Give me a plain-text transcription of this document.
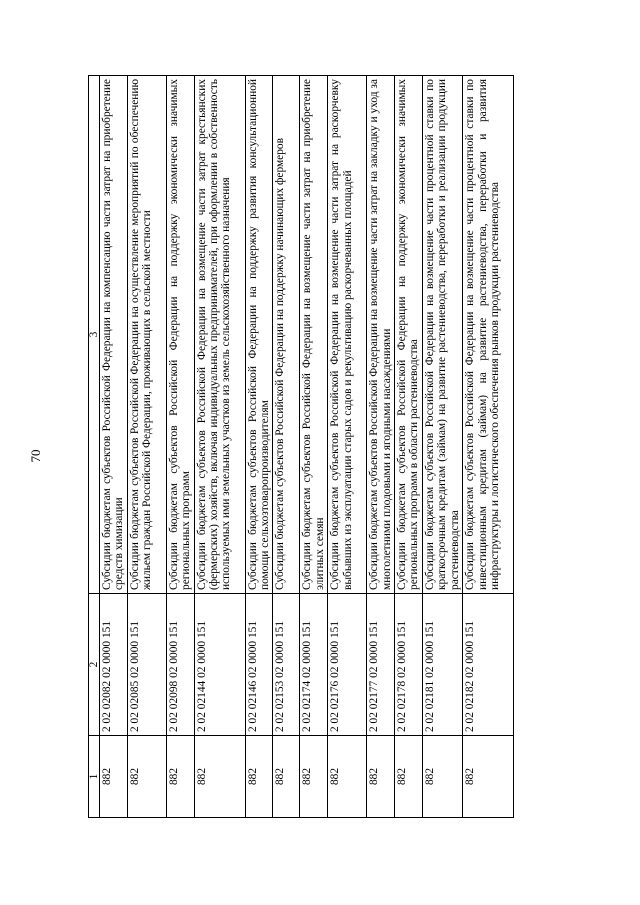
70
1	2	3
882	2 02 02082 02 0000 151	Субсидии бюджетам субъектов Российской Федерации на компенсацию части затрат на приобретение средств химизации
882	2 02 02085 02 0000 151	Субсидии бюджетам субъектов Российской Федерации на осуществление мероприятий по обеспечению жильем граждан Российской Федерации, проживающих в сельской местности
882	2 02 02098 02 0000 151	Субсидии бюджетам субъектов Российской Федерации на поддержку экономически значимых региональных программ
882	2 02 02144 02 0000 151	Субсидии бюджетам субъектов Российской Федерации на возмещение части затрат крестьянских (фермерских) хозяйств, включая индивидуальных предпринимателей, при оформлении в собственность используемых ими земельных участков из земель сельскохозяйственного назначения
882	2 02 02146 02 0000 151	Субсидии бюджетам субъектов Российской Федерации на поддержку развития консультационной помощи сельхозтоваропроизводителям
882	2 02 02153 02 0000 151	Субсидии бюджетам субъектов Российской Федерации на поддержку начинающих фермеров
882	2 02 02174 02 0000 151	Субсидии бюджетам субъектов Российской Федерации на возмещение части затрат на приобретение элитных семян
882	2 02 02176 02 0000 151	Субсидии бюджетам субъектов Российской Федерации на возмещение части затрат на раскорчевку выбывших из эксплуатации старых садов и рекультивацию раскорчеванных площадей
882	2 02 02177 02 0000 151	Субсидии бюджетам субъектов Российской Федерации на возмещение части затрат на закладку и уход за многолетними плодовыми и ягодными насаждениями
882	2 02 02178 02 0000 151	Субсидии бюджетам субъектов Российской Федерации на поддержку экономически значимых региональных программ в области растениеводства
882	2 02 02181 02 0000 151	Субсидии бюджетам субъектов Российской Федерации на возмещение части процентной ставки по краткосрочным кредитам (займам) на развитие растениеводства, переработки и реализации продукции растениеводства
882	2 02 02182 02 0000 151	Субсидии бюджетам субъектов Российской Федерации на возмещение части процентной ставки по инвестиционным кредитам (займам) на развитие растениеводства, переработки и развития инфраструктуры и логистического обеспечения рынков продукции растениеводства
